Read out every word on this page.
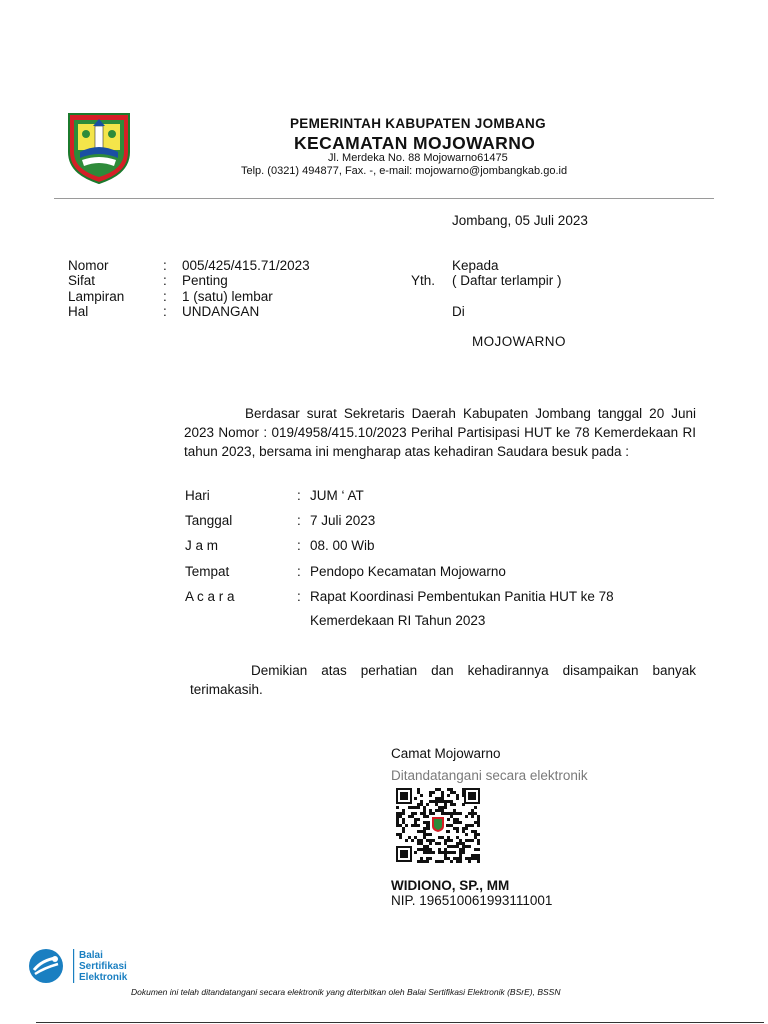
PEMERINTAH KABUPATEN JOMBANG
KECAMATAN MOJOWARNO
Jl. Merdeka No. 88 Mojowarno61475
Telp. (0321) 494877, Fax. -, e-mail: mojowarno@jombangkab.go.id
Jombang, 05 Juli 2023
Nomor	: 005/425/415.71/2023
Sifat	: Penting
Lampiran	: 1 (satu) lembar
Hal	: UNDANGAN
Kepada
Yth. ( Daftar terlampir )
Di
MOJOWARNO
Berdasar surat Sekretaris Daerah Kabupaten Jombang tanggal 20 Juni 2023 Nomor : 019/4958/415.10/2023 Perihal Partisipasi HUT ke 78 Kemerdekaan RI tahun 2023, bersama ini mengharap atas kehadiran Saudara besuk pada :
Hari	: JUM ‘ AT
Tanggal	: 7 Juli 2023
J a m	: 08. 00 Wib
Tempat	: Pendopo Kecamatan Mojowarno
A c a r a	: Rapat Koordinasi Pembentukan Panitia HUT ke 78
Kemerdekaan RI Tahun 2023
Demikian atas perhatian dan kehadirannya disampaikan banyak terimakasih.
Camat Mojowarno
Ditandatangani secara elektronik
WIDIONO, SP., MM
NIP. 196510061993111001
Balai
Sertifikasi
Elektronik
Dokumen ini telah ditandatangani secara elektronik yang diterbitkan oleh Balai Sertifikasi Elektronik (BSrE), BSSN
